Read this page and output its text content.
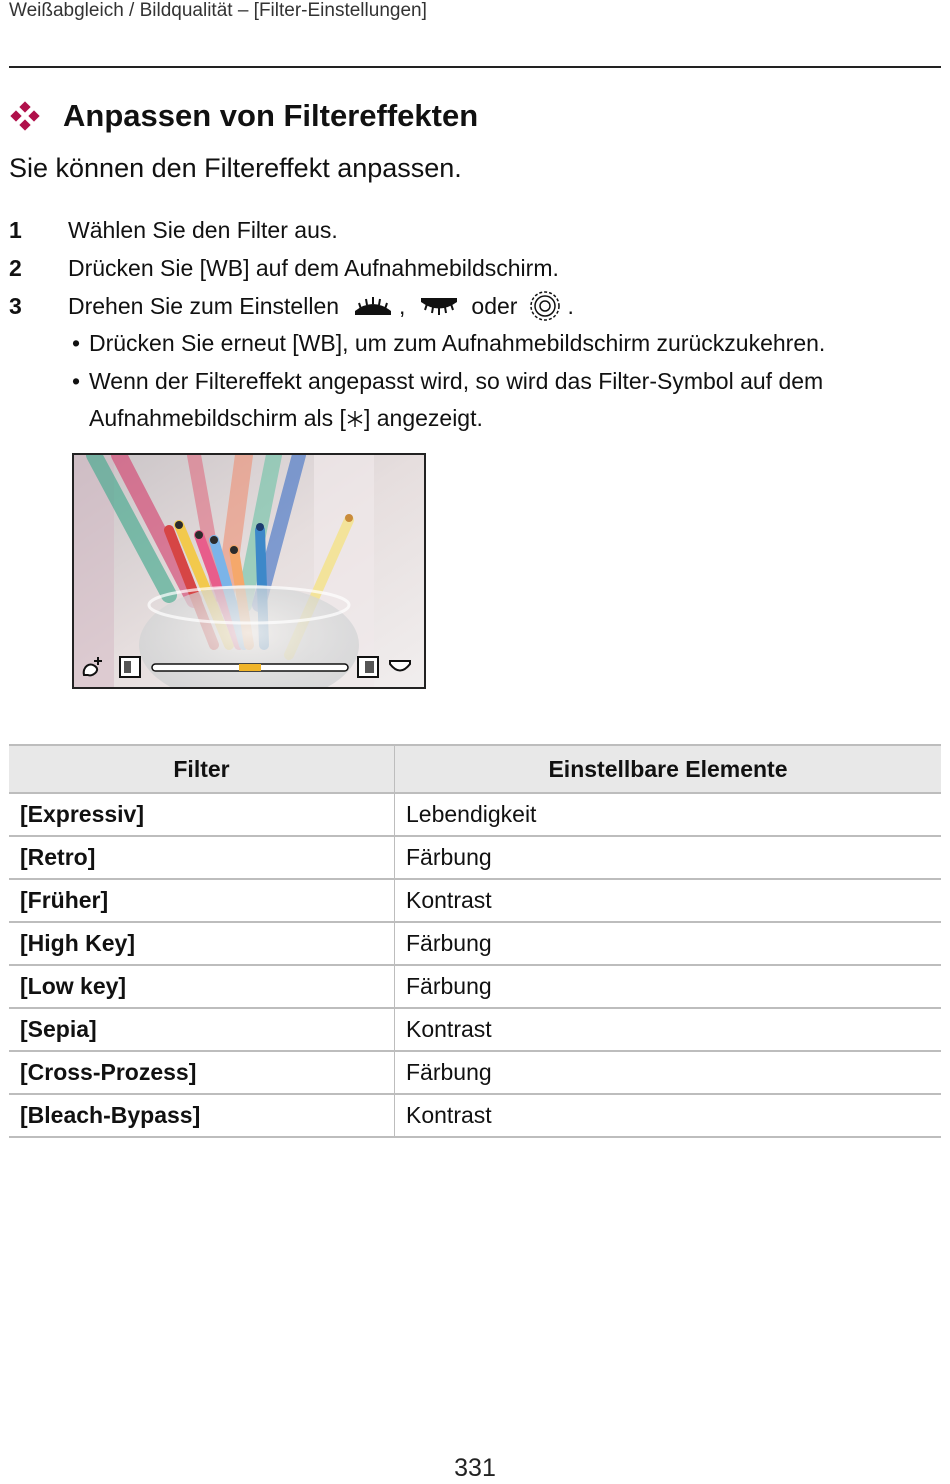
Weißabgleich / Bildqualität – [Filter-Einstellungen]
Anpassen von Filtereffekten
Sie können den Filtereffekt anpassen.
1	Wählen Sie den Filter aus.
2	Drücken Sie [WB] auf dem Aufnahmebildschirm.
3	Drehen Sie zum Einstellen	,	oder .
• Drücken Sie erneut [WB], um zum Aufnahmebildschirm zurückzukehren.
• Wenn der Filtereffekt angepasst wird, so wird das Filter-Symbol auf dem
Aufnahmebildschirm als [ ] angezeigt.
Filter	Einstellbare Elemente
[Expressiv]	Lebendigkeit
[Retro]	Färbung
[Früher]	Kontrast
[High Key]	Färbung
[Low key]	Färbung
[Sepia]	Kontrast
[Cross-Prozess]	Färbung
[Bleach-Bypass]	Kontrast
331
